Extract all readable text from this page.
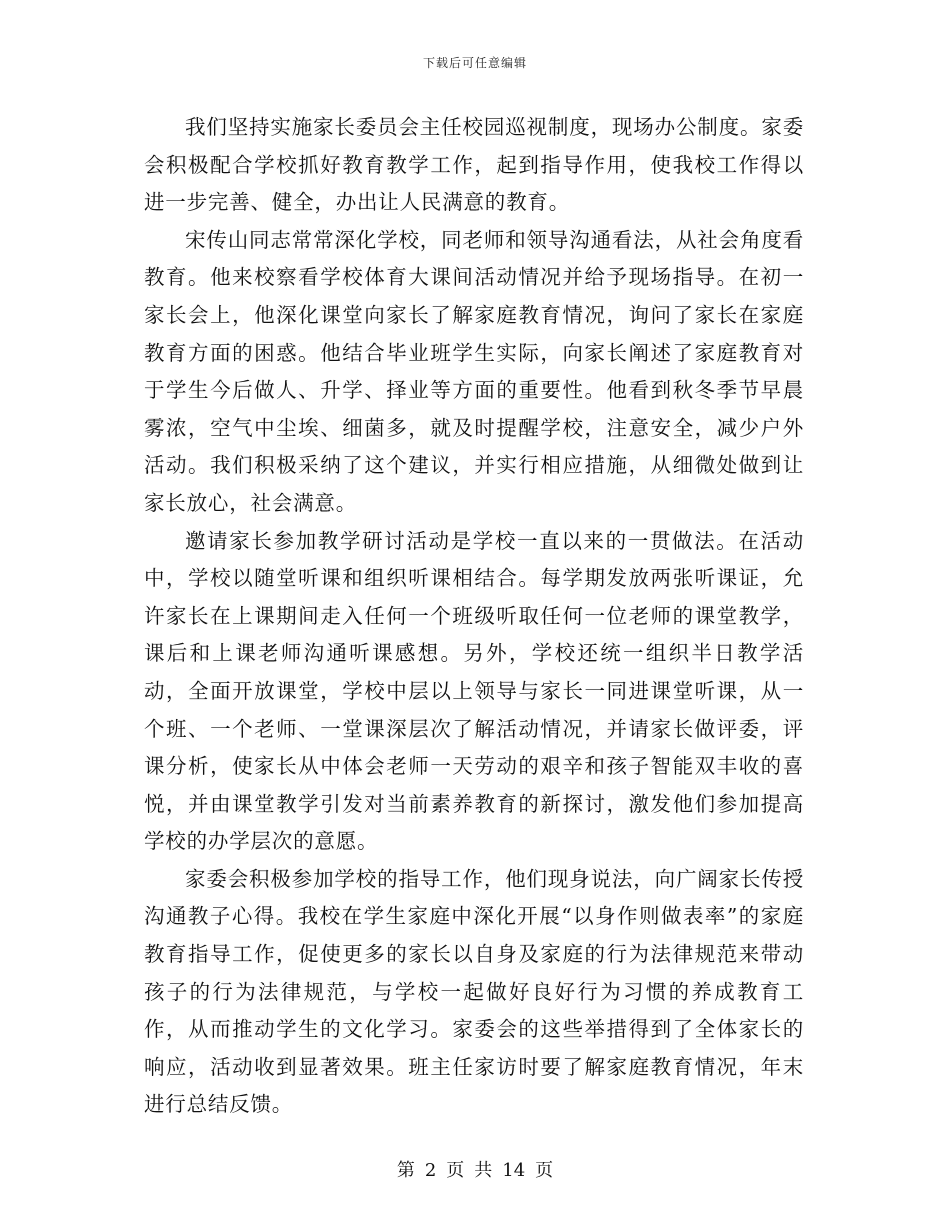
下载后可任意编辑

我们坚持实施家长委员会主任校园巡视制度，现场办公制度。家委会积极配合学校抓好教育教学工作，起到指导作用，使我校工作得以进一步完善、健全，办出让人民满意的教育。

宋传山同志常常深化学校，同老师和领导沟通看法，从社会角度看教育。他来校察看学校体育大课间活动情况并给予现场指导。在初一家长会上，他深化课堂向家长了解家庭教育情况，询问了家长在家庭教育方面的困惑。他结合毕业班学生实际，向家长阐述了家庭教育对于学生今后做人、升学、择业等方面的重要性。他看到秋冬季节早晨雾浓，空气中尘埃、细菌多，就及时提醒学校，注意安全，减少户外活动。我们积极采纳了这个建议，并实行相应措施，从细微处做到让家长放心，社会满意。

邀请家长参加教学研讨活动是学校一直以来的一贯做法。在活动中，学校以随堂听课和组织听课相结合。每学期发放两张听课证，允许家长在上课期间走入任何一个班级听取任何一位老师的课堂教学，课后和上课老师沟通听课感想。另外，学校还统一组织半日教学活动，全面开放课堂，学校中层以上领导与家长一同进课堂听课，从一个班、一个老师、一堂课深层次了解活动情况，并请家长做评委，评课分析，使家长从中体会老师一天劳动的艰辛和孩子智能双丰收的喜悦，并由课堂教学引发对当前素养教育的新探讨，激发他们参加提高学校的办学层次的意愿。

家委会积极参加学校的指导工作，他们现身说法，向广阔家长传授沟通教子心得。我校在学生家庭中深化开展“以身作则做表率”的家庭教育指导工作，促使更多的家长以自身及家庭的行为法律规范来带动孩子的行为法律规范，与学校一起做好良好行为习惯的养成教育工作，从而推动学生的文化学习。家委会的这些举措得到了全体家长的响应，活动收到显著效果。班主任家访时要了解家庭教育情况，年末进行总结反馈。

第 2 页 共 14 页
